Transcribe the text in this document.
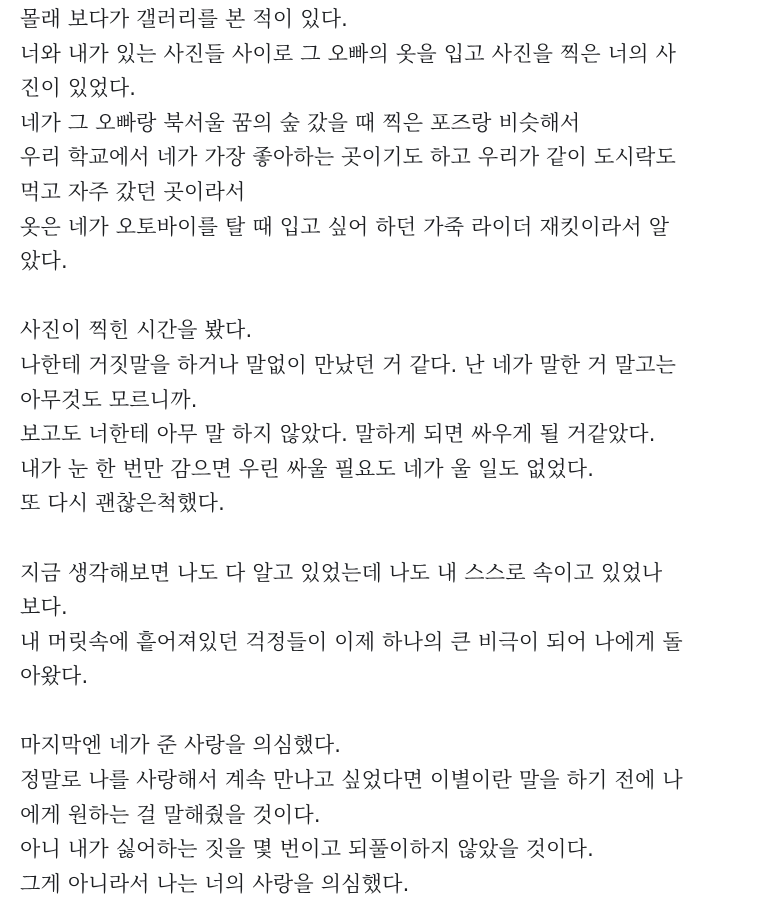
몰래 보다가 갤러리를 본 적이 있다.
너와 내가 있는 사진들 사이로 그 오빠의 옷을 입고 사진을 찍은 너의 사
진이 있었다.
네가 그 오빠랑 북서울 꿈의 숲 갔을 때 찍은 포즈랑 비슷해서
우리 학교에서 네가 가장 좋아하는 곳이기도 하고 우리가 같이 도시락도
먹고 자주 갔던 곳이라서
옷은 네가 오토바이를 탈 때 입고 싶어 하던 가죽 라이더 재킷이라서 알
았다.
사진이 찍힌 시간을 봤다.
나한테 거짓말을 하거나 말없이 만났던 거 같다. 난 네가 말한 거 말고는
아무것도 모르니까.
보고도 너한테 아무 말 하지 않았다. 말하게 되면 싸우게 될 거같았다.
내가 눈 한 번만 감으면 우린 싸울 필요도 네가 울 일도 없었다.
또 다시 괜찮은척했다.
지금 생각해보면 나도 다 알고 있었는데 나도 내 스스로 속이고 있었나
보다.
내 머릿속에 흩어져있던 걱정들이 이제 하나의 큰 비극이 되어 나에게 돌
아왔다.
마지막엔 네가 준 사랑을 의심했다.
정말로 나를 사랑해서 계속 만나고 싶었다면 이별이란 말을 하기 전에 나
에게 원하는 걸 말해줬을 것이다.
아니 내가 싫어하는 짓을 몇 번이고 되풀이하지 않았을 것이다.
그게 아니라서 나는 너의 사랑을 의심했다.
